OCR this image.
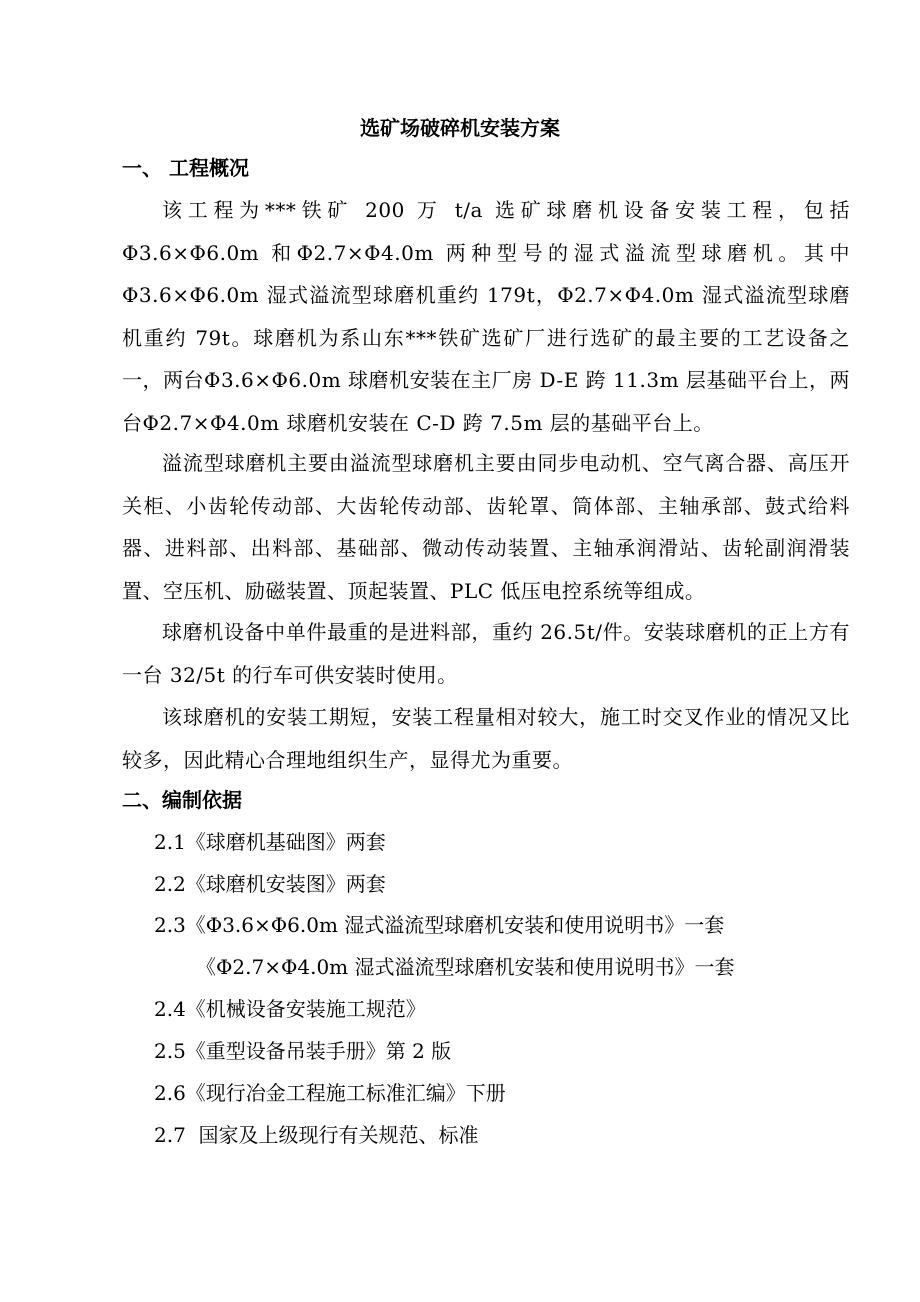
选矿场破碎机安装方案
一、 工程概况

该工程为***铁矿 200 万 t/a 选矿球磨机设备安装工程，包括Φ3.6×Φ6.0m 和Φ2.7×Φ4.0m 两种型号的湿式溢流型球磨机。其中Φ3.6×Φ6.0m 湿式溢流型球磨机重约 179t，Φ2.7×Φ4.0m 湿式溢流型球磨机重约 79t。球磨机为系山东***铁矿选矿厂进行选矿的最主要的工艺设备之一，两台Φ3.6×Φ6.0m 球磨机安装在主厂房 D-E 跨 11.3m 层基础平台上，两台Φ2.7×Φ4.0m 球磨机安装在 C-D 跨 7.5m 层的基础平台上。

溢流型球磨机主要由溢流型球磨机主要由同步电动机、空气离合器、高压开关柜、小齿轮传动部、大齿轮传动部、齿轮罩、筒体部、主轴承部、鼓式给料器、进料部、出料部、基础部、微动传动装置、主轴承润滑站、齿轮副润滑装置、空压机、励磁装置、顶起装置、PLC 低压电控系统等组成。

球磨机设备中单件最重的是进料部，重约 26.5t/件。安装球磨机的正上方有一台 32/5t 的行车可供安装时使用。

该球磨机的安装工期短，安装工程量相对较大，施工时交叉作业的情况又比较多，因此精心合理地组织生产，显得尤为重要。

二、编制依据
2.1《球磨机基础图》两套
2.2《球磨机安装图》两套
2.3《Φ3.6×Φ6.0m 湿式溢流型球磨机安装和使用说明书》一套
《Φ2.7×Φ4.0m 湿式溢流型球磨机安装和使用说明书》一套
2.4《机械设备安装施工规范》
2.5《重型设备吊装手册》第 2 版
2.6《现行冶金工程施工标准汇编》下册
2.7  国家及上级现行有关规范、标准
